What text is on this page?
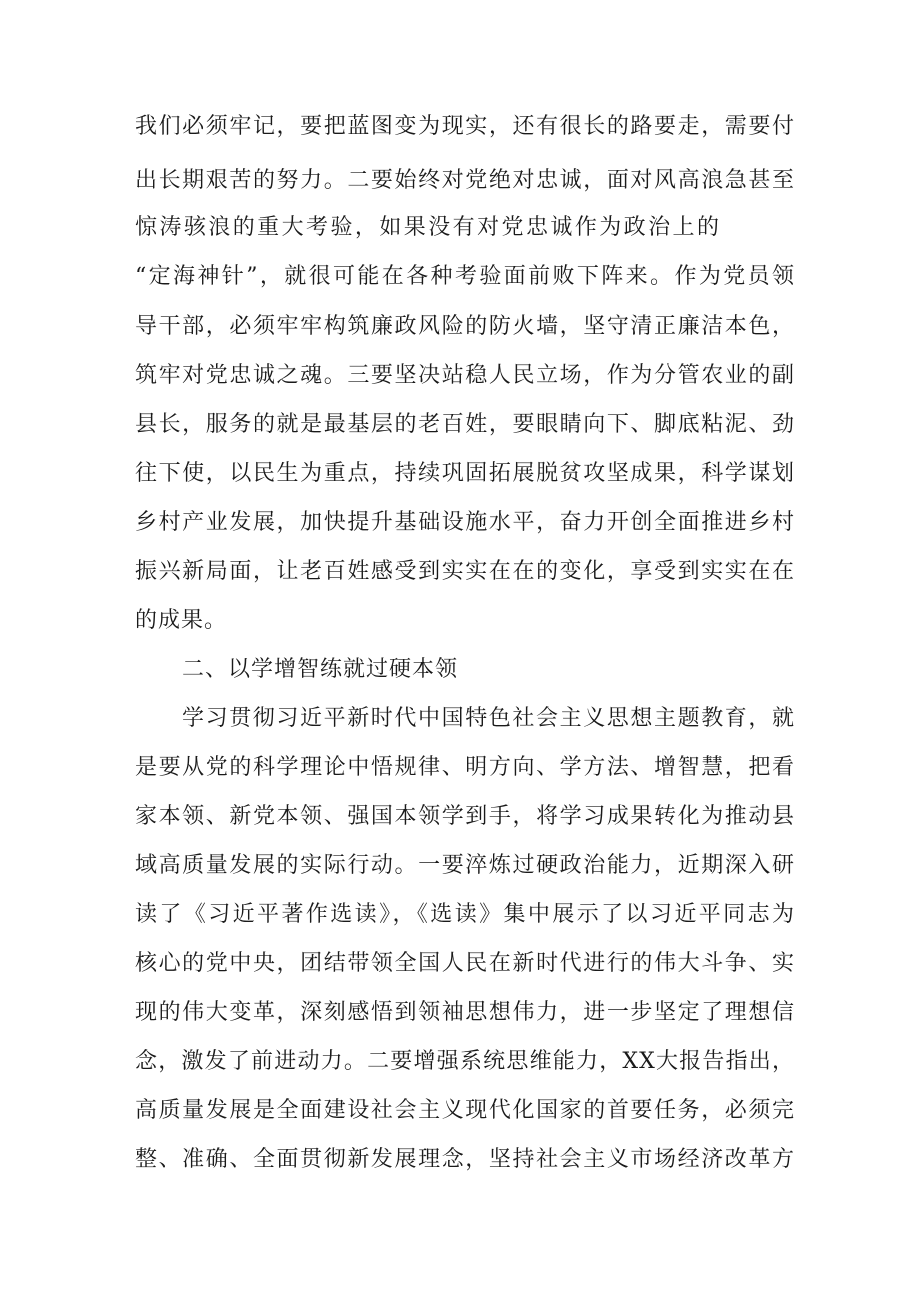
我们必须牢记，要把蓝图变为现实，还有很长的路要走，需要付
出长期艰苦的努力。二要始终对党绝对忠诚，面对风高浪急甚至
惊涛骇浪的重大考验，如果没有对党忠诚作为政治上的
“定海神针”，就很可能在各种考验面前败下阵来。作为党员领
导干部，必须牢牢构筑廉政风险的防火墙，坚守清正廉洁本色，
筑牢对党忠诚之魂。三要坚决站稳人民立场，作为分管农业的副
县长，服务的就是最基层的老百姓，要眼睛向下、脚底粘泥、劲
往下使，以民生为重点，持续巩固拓展脱贫攻坚成果，科学谋划
乡村产业发展，加快提升基础设施水平，奋力开创全面推进乡村
振兴新局面，让老百姓感受到实实在在的变化，享受到实实在在
的成果。
二、以学增智练就过硬本领
学习贯彻习近平新时代中国特色社会主义思想主题教育，就
是要从党的科学理论中悟规律、明方向、学方法、增智慧，把看
家本领、新党本领、强国本领学到手，将学习成果转化为推动县
域高质量发展的实际行动。一要淬炼过硬政治能力，近期深入研
读了《习近平著作选读》，《选读》集中展示了以习近平同志为
核心的党中央，团结带领全国人民在新时代进行的伟大斗争、实
现的伟大变革，深刻感悟到领袖思想伟力，进一步坚定了理想信
念，激发了前进动力。二要增强系统思维能力，XX大报告指出，
高质量发展是全面建设社会主义现代化国家的首要任务，必须完
整、准确、全面贯彻新发展理念，坚持社会主义市场经济改革方
